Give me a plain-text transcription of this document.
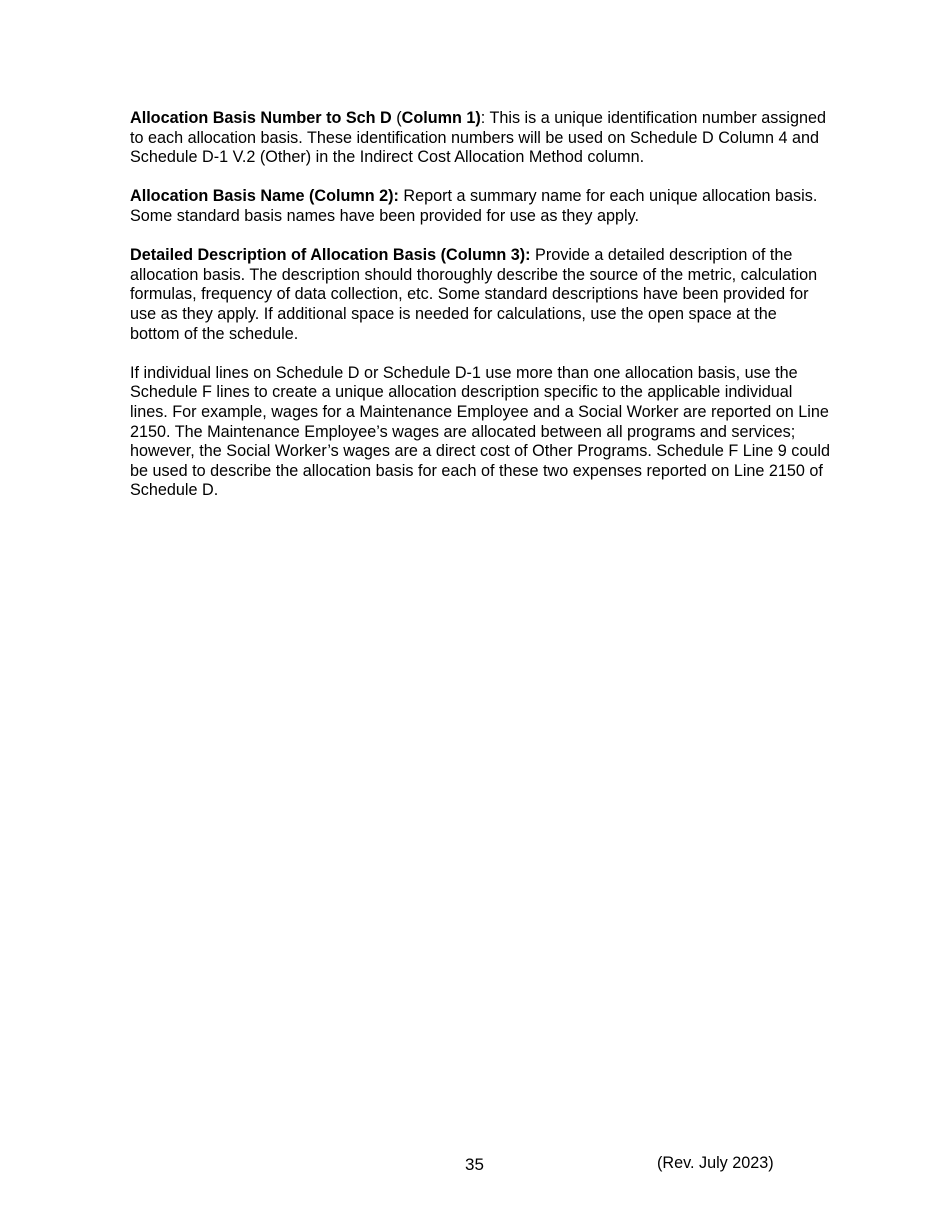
Allocation Basis Number to Sch D (Column 1): This is a unique identification number assigned to each allocation basis. These identification numbers will be used on Schedule D Column 4 and Schedule D-1 V.2 (Other) in the Indirect Cost Allocation Method column.

Allocation Basis Name (Column 2): Report a summary name for each unique allocation basis. Some standard basis names have been provided for use as they apply.

Detailed Description of Allocation Basis (Column 3): Provide a detailed description of the allocation basis. The description should thoroughly describe the source of the metric, calculation formulas, frequency of data collection, etc. Some standard descriptions have been provided for use as they apply. If additional space is needed for calculations, use the open space at the bottom of the schedule.

If individual lines on Schedule D or Schedule D-1 use more than one allocation basis, use the Schedule F lines to create a unique allocation description specific to the applicable individual lines. For example, wages for a Maintenance Employee and a Social Worker are reported on Line 2150. The Maintenance Employee’s wages are allocated between all programs and services; however, the Social Worker’s wages are a direct cost of Other Programs. Schedule F Line 9 could be used to describe the allocation basis for each of these two expenses reported on Line 2150 of Schedule D.

35	(Rev. July 2023)
